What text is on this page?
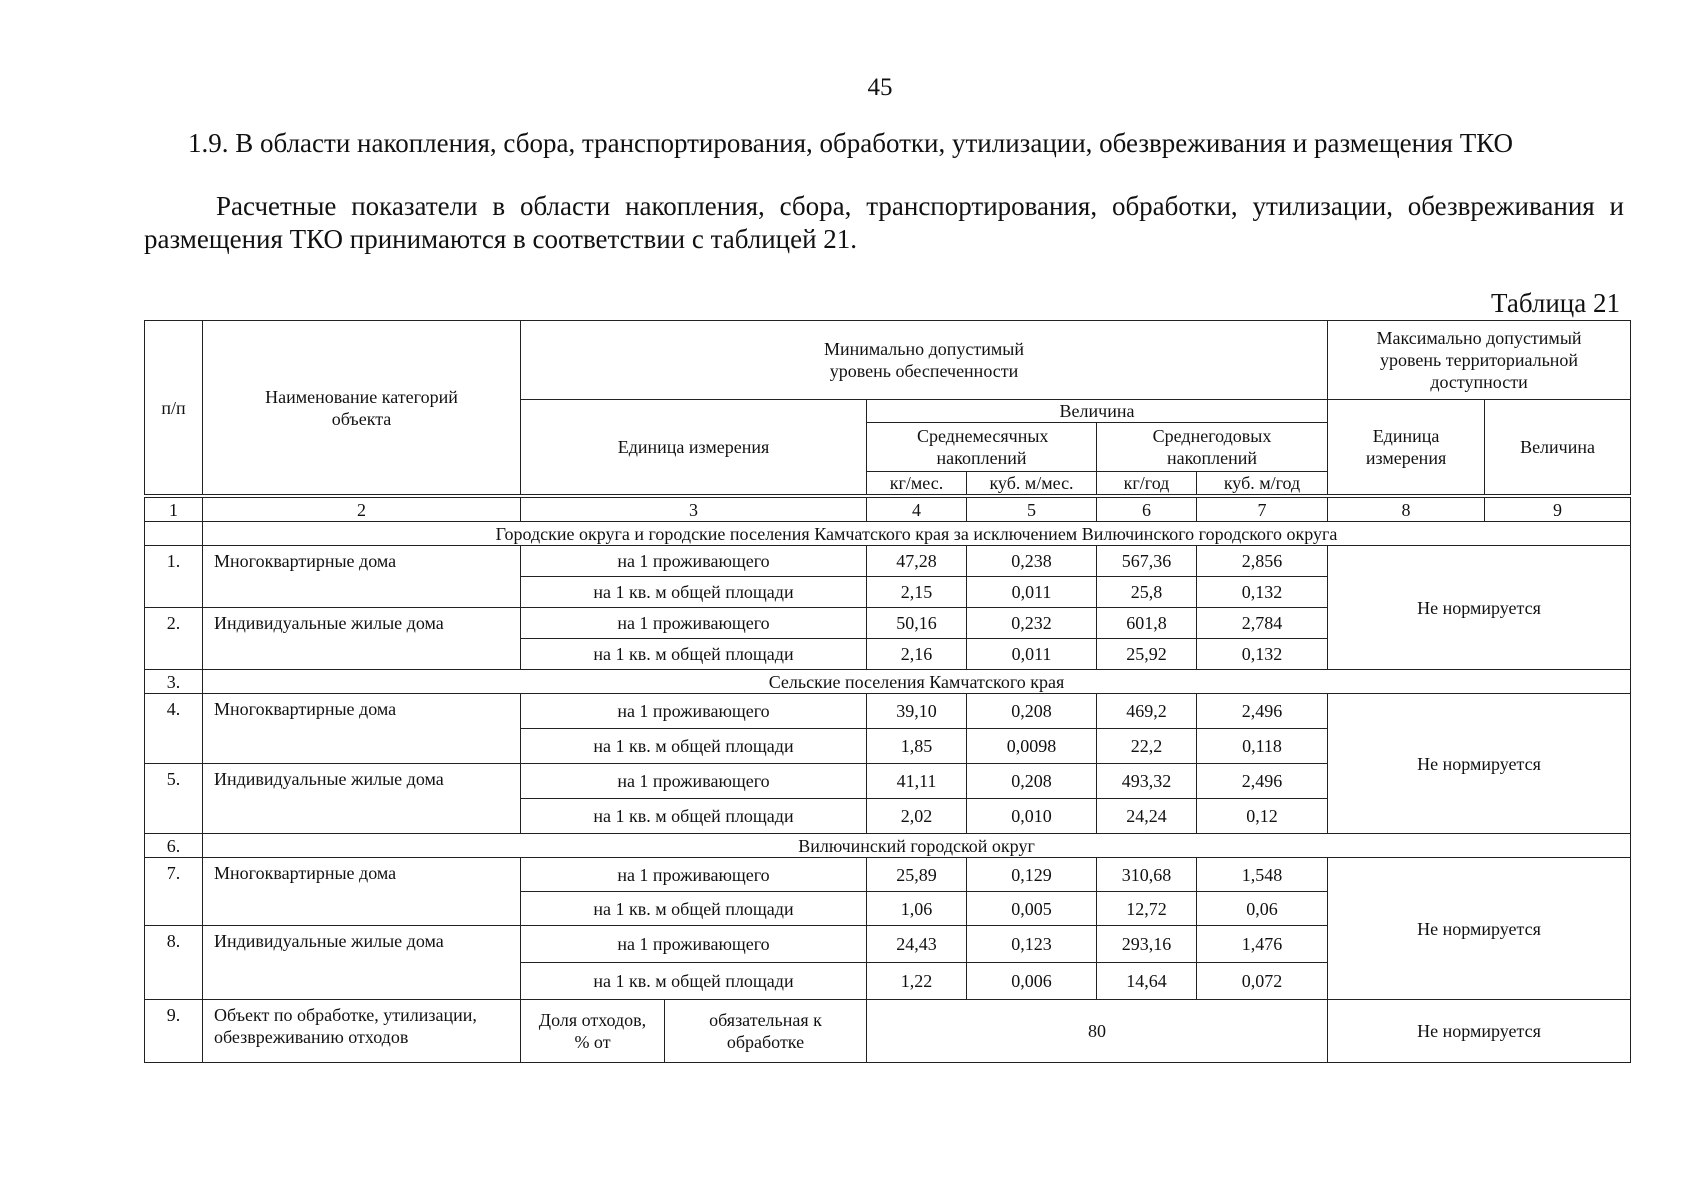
45
1.9. В области накопления, сбора, транспортирования, обработки, утилизации, обезвреживания и размещения ТКО
Расчетные показатели в области накопления, сбора, транспортирования, обработки, утилизации, обезвреживания и размещения ТКО принимаются в соответствии с таблицей 21.
Таблица 21
п/п	Наименование категорий объекта	Минимально допустимый уровень обеспеченности						Максимально допустимый уровень территориальной доступности	
		Единица измерения		Величина				Единица измерения	Величина
				Среднемесячных накоплений		Среднегодовых накоплений			
				кг/мес.	куб. м/мес.	кг/год	куб. м/год		
1	2	3		4	5	6	7	8	9
	Городские округа и городские поселения Камчатского края за исключением Вилючинского городского округа								
1.	Многоквартирные дома	на 1 проживающего		47,28	0,238	567,36	2,856	Не нормируется	
		на 1 кв. м общей площади		2,15	0,011	25,8	0,132		
2.	Индивидуальные жилые дома	на 1 проживающего		50,16	0,232	601,8	2,784		
		на 1 кв. м общей площади		2,16	0,011	25,92	0,132		
3.	Сельские поселения Камчатского края								
4.	Многоквартирные дома	на 1 проживающего		39,10	0,208	469,2	2,496	Не нормируется	
		на 1 кв. м общей площади		1,85	0,0098	22,2	0,118		
5.	Индивидуальные жилые дома	на 1 проживающего		41,11	0,208	493,32	2,496		
		на 1 кв. м общей площади		2,02	0,010	24,24	0,12		
6.	Вилючинский городской округ								
7.	Многоквартирные дома	на 1 проживающего		25,89	0,129	310,68	1,548	Не нормируется	
		на 1 кв. м общей площади		1,06	0,005	12,72	0,06		
8.	Индивидуальные жилые дома	на 1 проживающего		24,43	0,123	293,16	1,476		
		на 1 кв. м общей площади		1,22	0,006	14,64	0,072		
9.	Объект по обработке, утилизации, обезвреживанию отходов	Доля отходов, % от	обязательная к обработке	80				Не нормируется	
